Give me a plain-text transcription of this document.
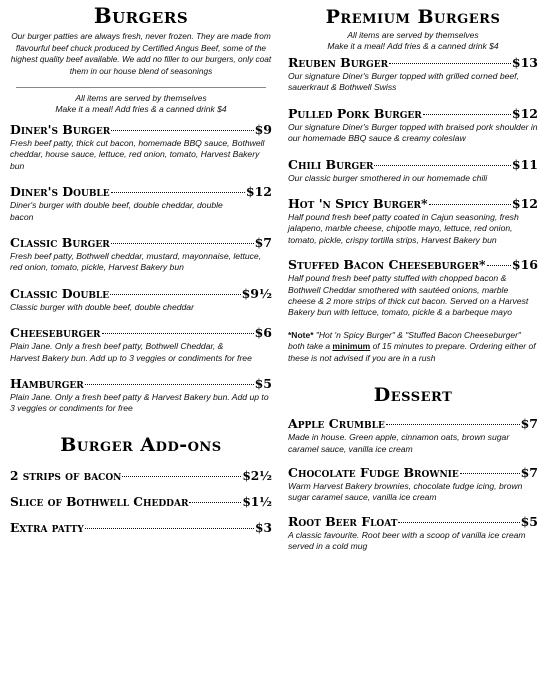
Burgers

Our burger patties are always fresh, never frozen. They are made from flavourful beef chuck produced by Certified Angus Beef, some of the highest quality beef available. We add no filler to our burgers, only coat them in our house blend of seasonings

All items are served by themselves

Make it a meal! Add fries & a canned drink $4

Diner's Burger	$9

Fresh beef patty, thick cut bacon, homemade BBQ sauce, Bothwell cheddar, house sauce, lettuce, red onion, tomato, Harvest Bakery bun

Diner's Double	$12

Diner's burger with double beef, double cheddar, double bacon

Classic Burger	$7

Fresh beef patty, Bothwell cheddar, mustard, mayonnaise, lettuce, red onion, tomato, pickle, Harvest Bakery bun

Classic Double	$9½

Classic burger with double beef, double cheddar

Cheeseburger	$6

Plain Jane. Only a fresh beef patty, Bothwell Cheddar, & Harvest Bakery bun. Add up to 3 veggies or condiments for free

Hamburger	$5

Plain Jane. Only a fresh beef patty & Harvest Bakery bun. Add up to 3 veggies or condiments for free

Burger Add-ons
2 strips of bacon	$2½
Slice of Bothwell Cheddar	$1½
Extra patty	$3
Premium Burgers

All items are served by themselves

Make it a meal! Add fries & a canned drink $4

Reuben Burger	$13

Our signature Diner's Burger topped with grilled corned beef, sauerkraut & Bothwell Swiss

Pulled Pork Burger	$12

Our signature Diner's Burger topped with braised pork shoulder in our homemade BBQ sauce & creamy coleslaw

Chili Burger	$11

Our classic burger smothered in our homemade chili

Hot 'n Spicy Burger*	$12

Half pound fresh beef patty coated in Cajun seasoning, fresh jalapeno, marble cheese, chipotle mayo, lettuce, red onion, tomato, pickle, crispy tortilla strips, Harvest Bakery bun

Stuffed Bacon Cheeseburger* $16

Half pound fresh beef patty stuffed with chopped bacon & Bothwell Cheddar smothered with sautéed onions, marble cheese & 2 more strips of thick cut bacon. Served on a Harvest Bakery bun with lettuce, tomato, pickle & a barbeque mayo

*Note* "Hot 'n Spicy Burger" & "Stuffed Bacon Cheeseburger" both take a minimum of 15 minutes to prepare. Ordering either of these is not advised if you are in a rush

Dessert
Apple Crumble	$7

Made in house. Green apple, cinnamon oats, brown sugar caramel sauce, vanilla ice cream

Chocolate Fudge Brownie	$7

Warm Harvest Bakery brownies, chocolate fudge icing, brown sugar caramel sauce, vanilla ice cream

Root Beer Float	$5

A classic favourite. Root beer with a scoop of vanilla ice cream served in a cold mug
